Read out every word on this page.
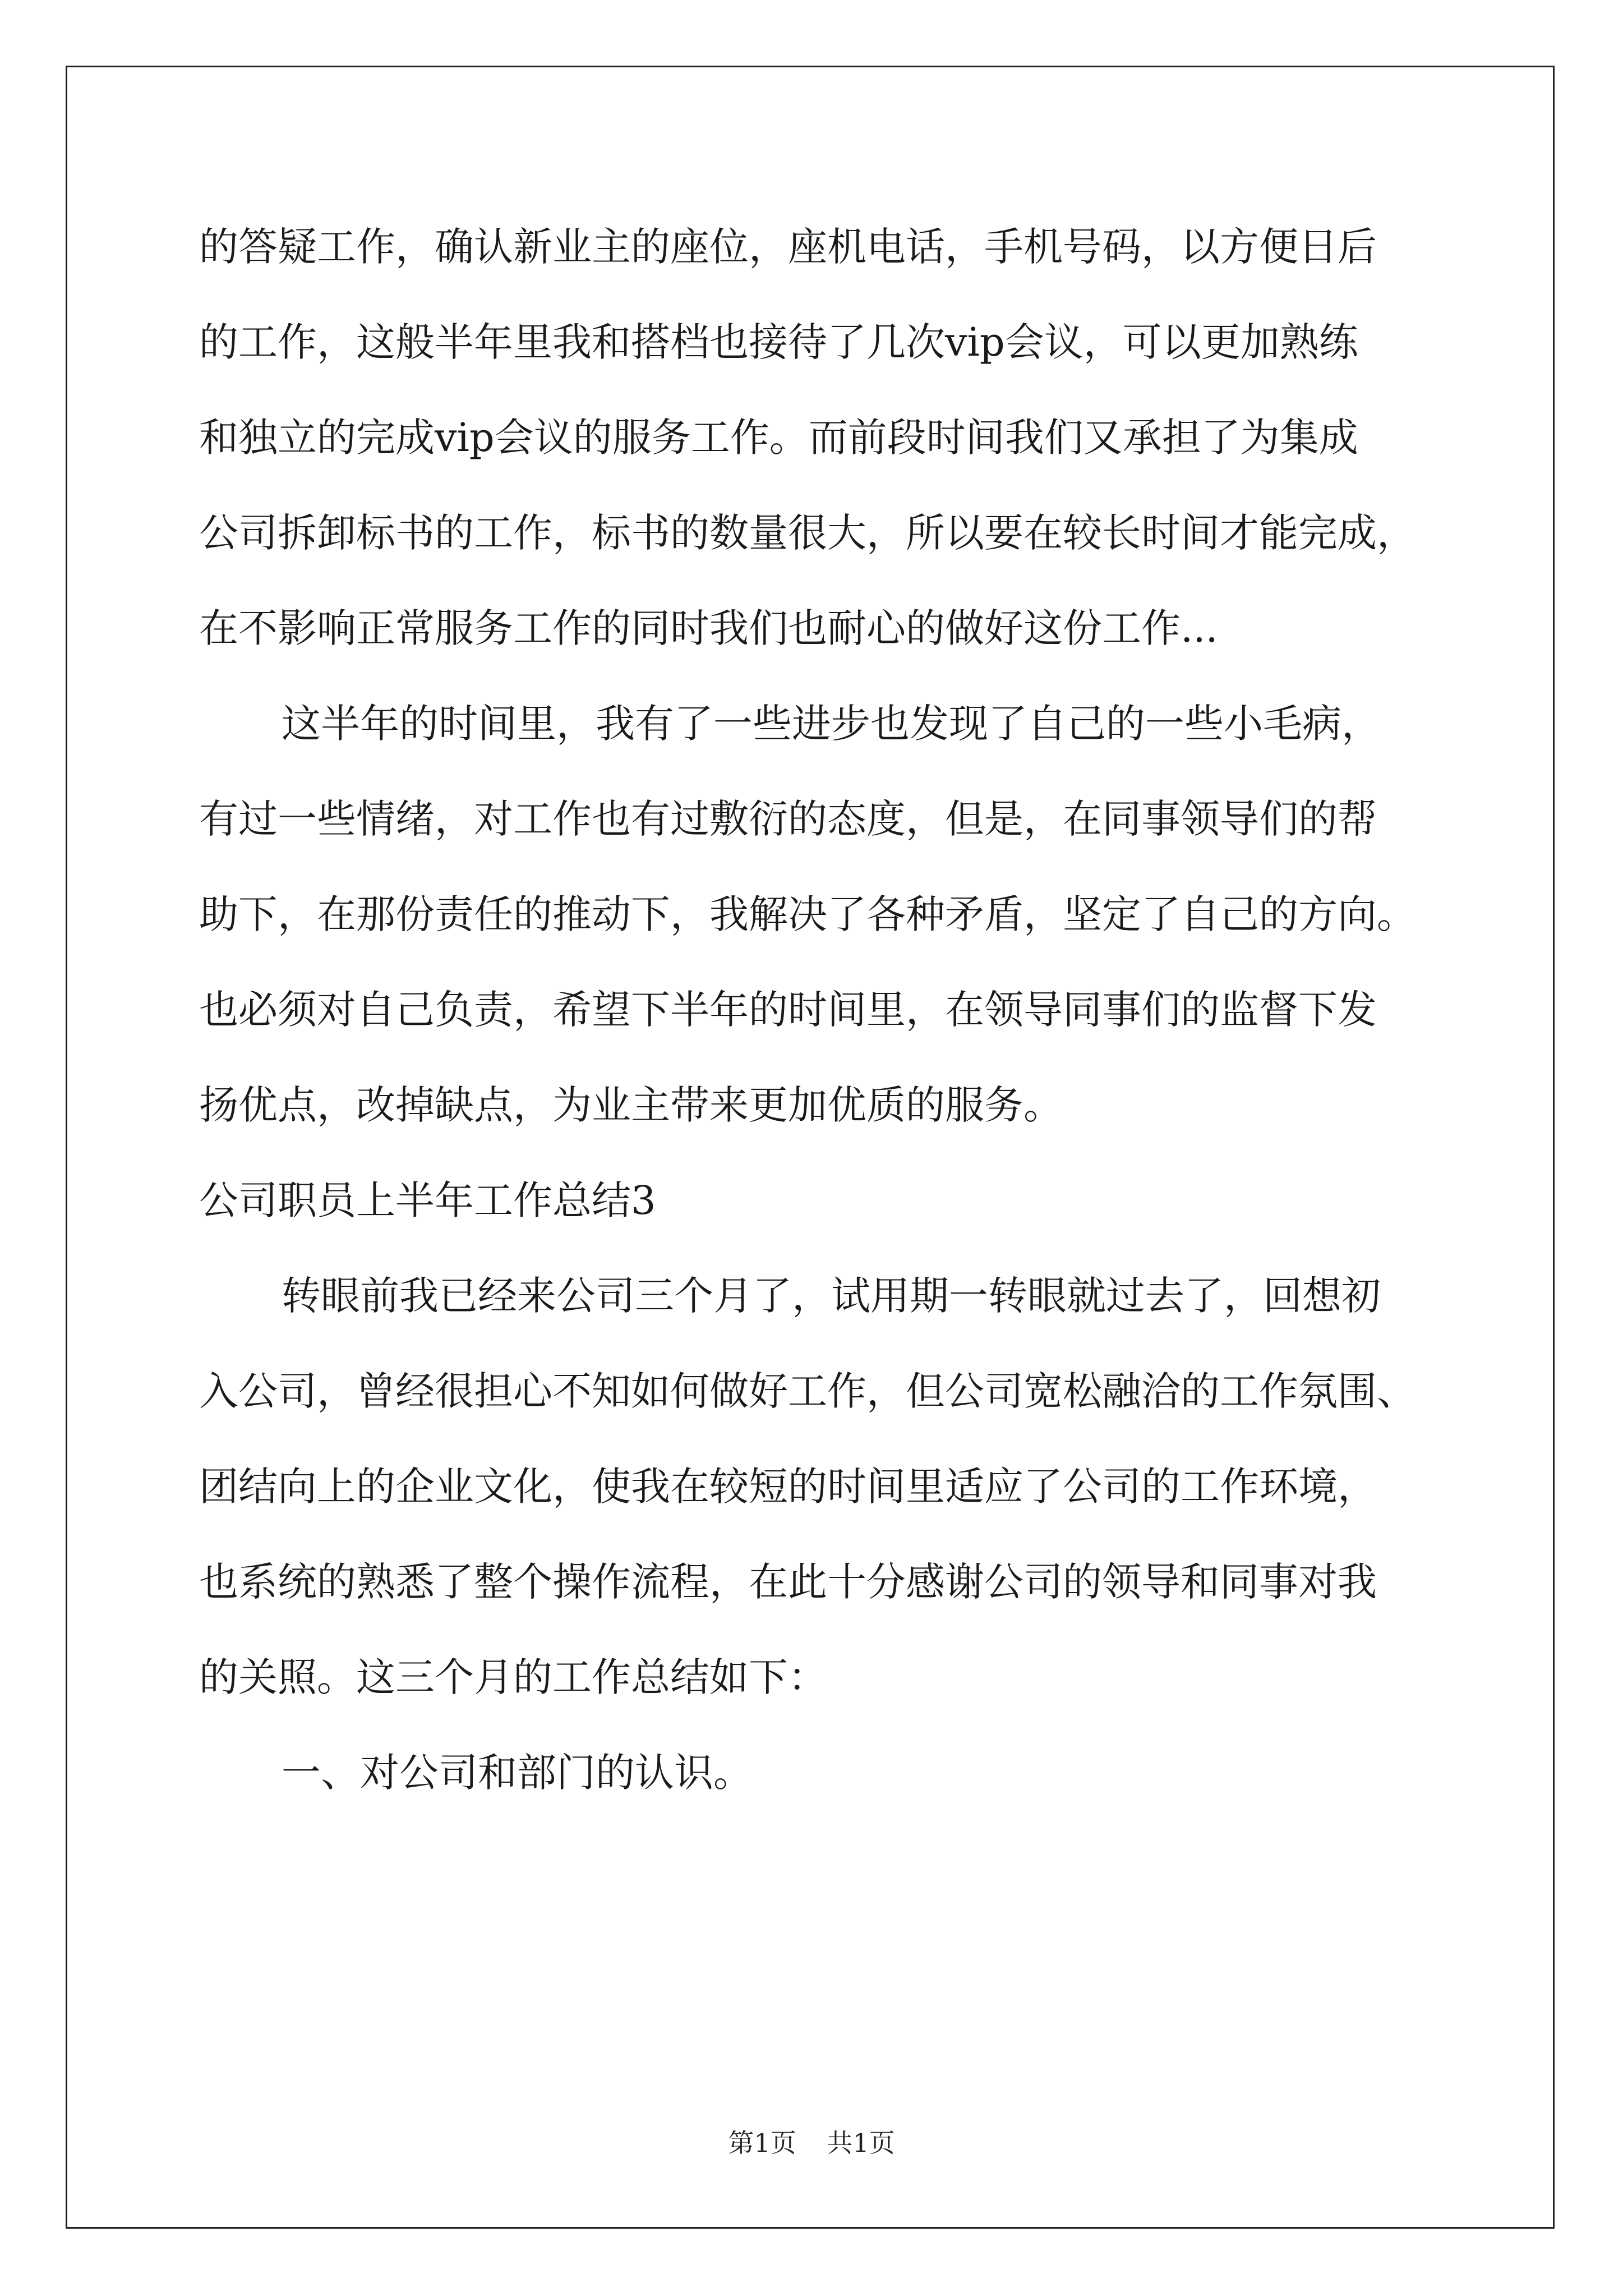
的答疑工作，确认新业主的座位，座机电话，手机号码，以方便日后
的工作，这般半年里我和搭档也接待了几次vip会议，可以更加熟练
和独立的完成vip会议的服务工作。而前段时间我们又承担了为集成
公司拆卸标书的工作，标书的数量很大，所以要在较长时间才能完成，
在不影响正常服务工作的同时我们也耐心的做好这份工作...
这半年的时间里，我有了一些进步也发现了自己的一些小毛病，
有过一些情绪，对工作也有过敷衍的态度，但是，在同事领导们的帮
助下，在那份责任的推动下，我解决了各种矛盾，坚定了自己的方向。
也必须对自己负责，希望下半年的时间里，在领导同事们的监督下发
扬优点，改掉缺点，为业主带来更加优质的服务。
公司职员上半年工作总结3
转眼前我已经来公司三个月了，试用期一转眼就过去了，回想初
入公司，曾经很担心不知如何做好工作，但公司宽松融洽的工作氛围、
团结向上的企业文化，使我在较短的时间里适应了公司的工作环境，
也系统的熟悉了整个操作流程，在此十分感谢公司的领导和同事对我
的关照。这三个月的工作总结如下：
一、对公司和部门的认识。
第1页 共1页
